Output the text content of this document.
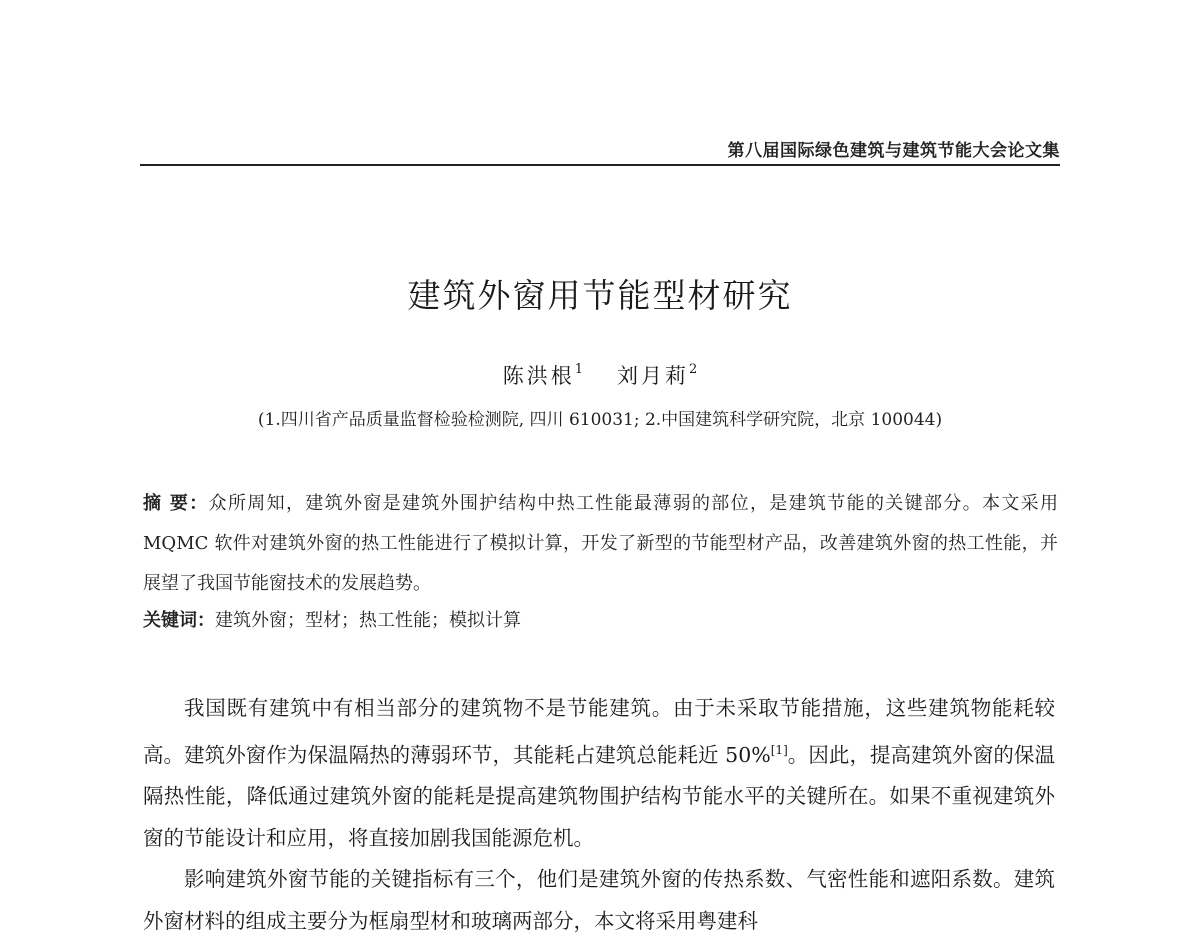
第八届国际绿色建筑与建筑节能大会论文集
建筑外窗用节能型材研究
陈洪根$^1$ 刘月莉$^2$
(1.四川省产品质量监督检验检测院, 四川 610031; 2.中国建筑科学研究院，北京 100044)
摘 要：众所周知，建筑外窗是建筑外围护结构中热工性能最薄弱的部位，是建筑节能的关键部分。本文采用 MQMC 软件对建筑外窗的热工性能进行了模拟计算，开发了新型的节能型材产品，改善建筑外窗的热工性能，并展望了我国节能窗技术的发展趋势。
关键词：建筑外窗；型材；热工性能；模拟计算

我国既有建筑中有相当部分的建筑物不是节能建筑。由于未采取节能措施，这些建筑物能耗较高。建筑外窗作为保温隔热的薄弱环节，其能耗占建筑总能耗近 50%[1]。因此，提高建筑外窗的保温隔热性能，降低通过建筑外窗的能耗是提高建筑物围护结构节能水平的关键所在。如果不重视建筑外窗的节能设计和应用，将直接加剧我国能源危机。

影响建筑外窗节能的关键指标有三个，他们是建筑外窗的传热系数、气密性能和遮阳系数。建筑外窗材料的组成主要分为框扇型材和玻璃两部分，本文将采用粤建科
